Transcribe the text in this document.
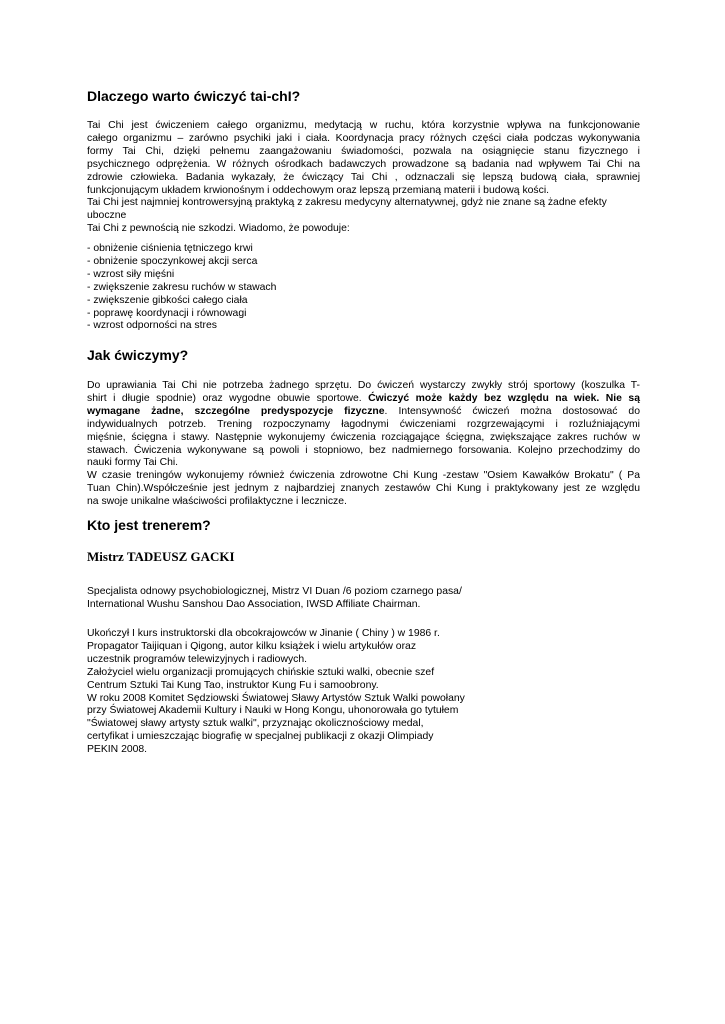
Dlaczego warto ćwiczyć tai-chI?
Tai Chi jest ćwiczeniem całego organizmu, medytacją w ruchu, która korzystnie wpływa na funkcjonowanie
całego organizmu – zarówno psychiki jaki i ciała. Koordynacja pracy różnych części ciała podczas wykonywania
formy Tai Chi, dzięki pełnemu zaangażowaniu świadomości, pozwala na osiągnięcie stanu fizycznego i
psychicznego odprężenia. W różnych ośrodkach badawczych prowadzone są badania nad wpływem Tai Chi na
zdrowie człowieka. Badania wykazały, że ćwiczący Tai Chi , odznaczali się lepszą budową ciała, sprawniej
funkcjonującym układem krwionośnym i oddechowym oraz lepszą przemianą materii i budową kości.
Tai Chi jest najmniej kontrowersyjną praktyką z zakresu medycyny alternatywnej, gdyż nie znane są żadne efekty
uboczne
Tai Chi z pewnością nie szkodzi. Wiadomo, że powoduje:
- obniżenie ciśnienia tętniczego krwi
- obniżenie spoczynkowej akcji serca
- wzrost siły mięśni
- zwiększenie zakresu ruchów w stawach
- zwiększenie gibkości całego ciała
- poprawę koordynacji i równowagi
- wzrost odporności na stres
Jak ćwiczymy?
Do uprawiania Tai Chi nie potrzeba żadnego sprzętu. Do ćwiczeń wystarczy zwykły strój sportowy (koszulka T-
shirt i długie spodnie) oraz wygodne obuwie sportowe. Ćwiczyć może każdy bez względu na wiek. Nie są
wymagane żadne, szczególne predyspozycje fizyczne. Intensywność ćwiczeń można dostosować do
indywidualnych potrzeb. Trening rozpoczynamy łagodnymi ćwiczeniami rozgrzewającymi i rozluźniającymi
mięśnie, ścięgna i stawy. Następnie wykonujemy ćwiczenia rozciągające ścięgna, zwiększające zakres ruchów w
stawach. Ćwiczenia wykonywane są powoli i stopniowo, bez nadmiernego forsowania. Kolejno przechodzimy do
nauki formy Tai Chi.
W czasie treningów wykonujemy również ćwiczenia zdrowotne Chi Kung -zestaw "Osiem Kawałków Brokatu" ( Pa
Tuan Chin).Współcześnie jest jednym z najbardziej znanych zestawów Chi Kung i praktykowany jest ze względu
na swoje unikalne właściwości profilaktyczne i lecznicze.
Kto jest trenerem?
Mistrz TADEUSZ GACKI
Specjalista odnowy psychobiologicznej, Mistrz VI Duan /6 poziom czarnego pasa/
International Wushu Sanshou Dao Association, IWSD Affiliate Chairman.
Ukończył I kurs instruktorski dla obcokrajowców w Jinanie ( Chiny ) w 1986 r.
Propagator Taijiquan i Qigong, autor kilku książek i wielu artykułów oraz
uczestnik programów telewizyjnych i radiowych.
Założyciel wielu organizacji promujących chińskie sztuki walki, obecnie szef
Centrum Sztuki Tai Kung Tao, instruktor Kung Fu i samoobrony.
W roku 2008 Komitet Sędziowski Światowej Sławy Artystów Sztuk Walki powołany
przy Światowej Akademii Kultury i Nauki w Hong Kongu, uhonorowała go tytułem
"Światowej sławy artysty sztuk walki", przyznając okolicznościowy medal,
certyfikat i umieszczając biografię w specjalnej publikacji z okazji Olimpiady
PEKIN 2008.
